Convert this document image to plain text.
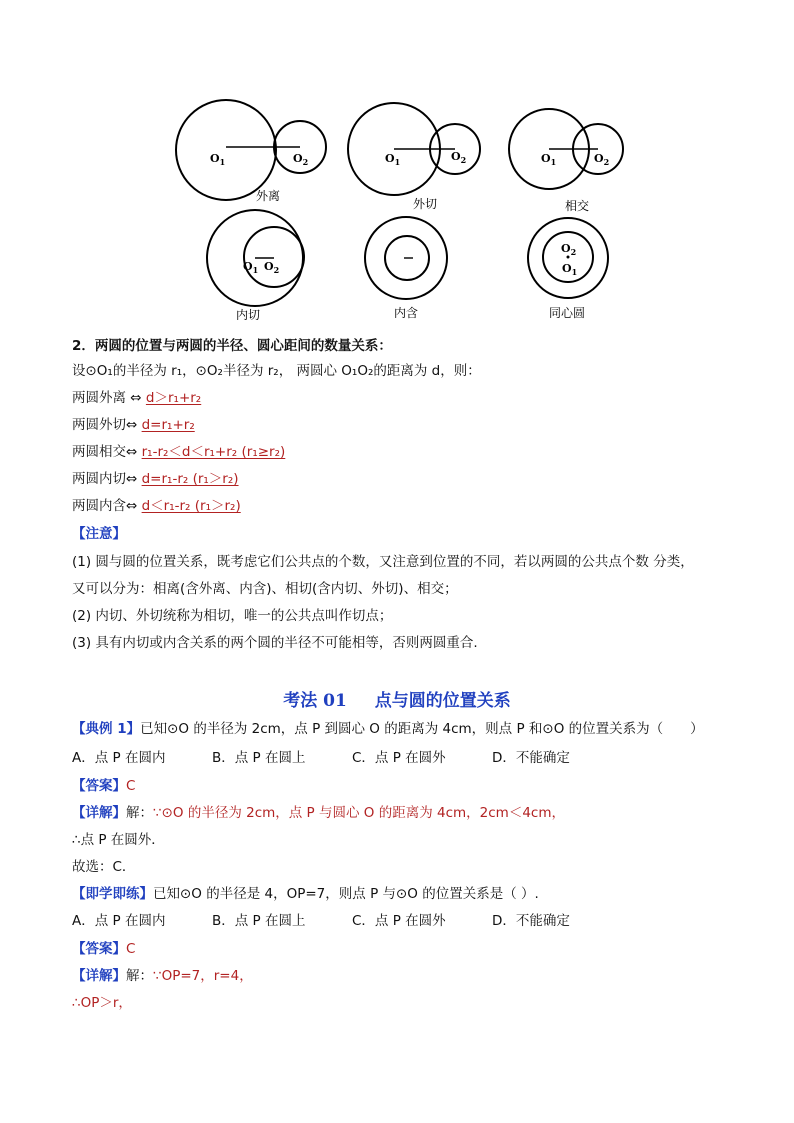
$O_1$	$O_2$	$O_1$	$O_2$	$O_1$	$O_2$
$O_1$ $O_2$
$O_2$
$O_1$
外离
外切	相交
内切	内含	同心圆
2．两圆的位置与两圆的半径、圆心距间的数量关系：
设⊙O₁的半径为 r₁，⊙O₂半径为 r₂， 两圆心 O₁O₂的距离为 d，则：
两圆外离 ⇔ d＞r₁+r₂
两圆外切⇔ d=r₁+r₂
两圆相交⇔ r₁-r₂＜d＜r₁+r₂ (r₁≥r₂)
两圆内切⇔ d=r₁-r₂ (r₁＞r₂)
两圆内含⇔ d＜r₁-r₂ (r₁＞r₂)
【注意】
(1) 圆与圆的位置关系，既考虑它们公共点的个数，又注意到位置的不同，若以两圆的公共点个数 分类，
又可以分为：相离(含外离、内含)、相切(含内切、外切)、相交；
(2) 内切、外切统称为相切，唯一的公共点叫作切点；
(3) 具有内切或内含关系的两个圆的半径不可能相等，否则两圆重合.
考法 01 点与圆的位置关系
【典例 1】已知⊙O 的半径为 2cm，点 P 到圆心 O 的距离为 4cm，则点 P 和⊙O 的位置关系为（　　）
A．点 P 在圆内	B．点 P 在圆上	C．点 P 在圆外	D．不能确定
【答案】C
【详解】解：∵⊙O 的半径为 2cm，点 P 与圆心 O 的距离为 4cm，2cm＜4cm，
∴点 P 在圆外．
故选：C．
【即学即练】已知⊙O 的半径是 4，OP=7，则点 P 与⊙O 的位置关系是（ ）.
A．点 P 在圆内	B．点 P 在圆上	C．点 P 在圆外	D．不能确定
【答案】C
【详解】解：∵OP=7，r=4，
∴OP＞r，
